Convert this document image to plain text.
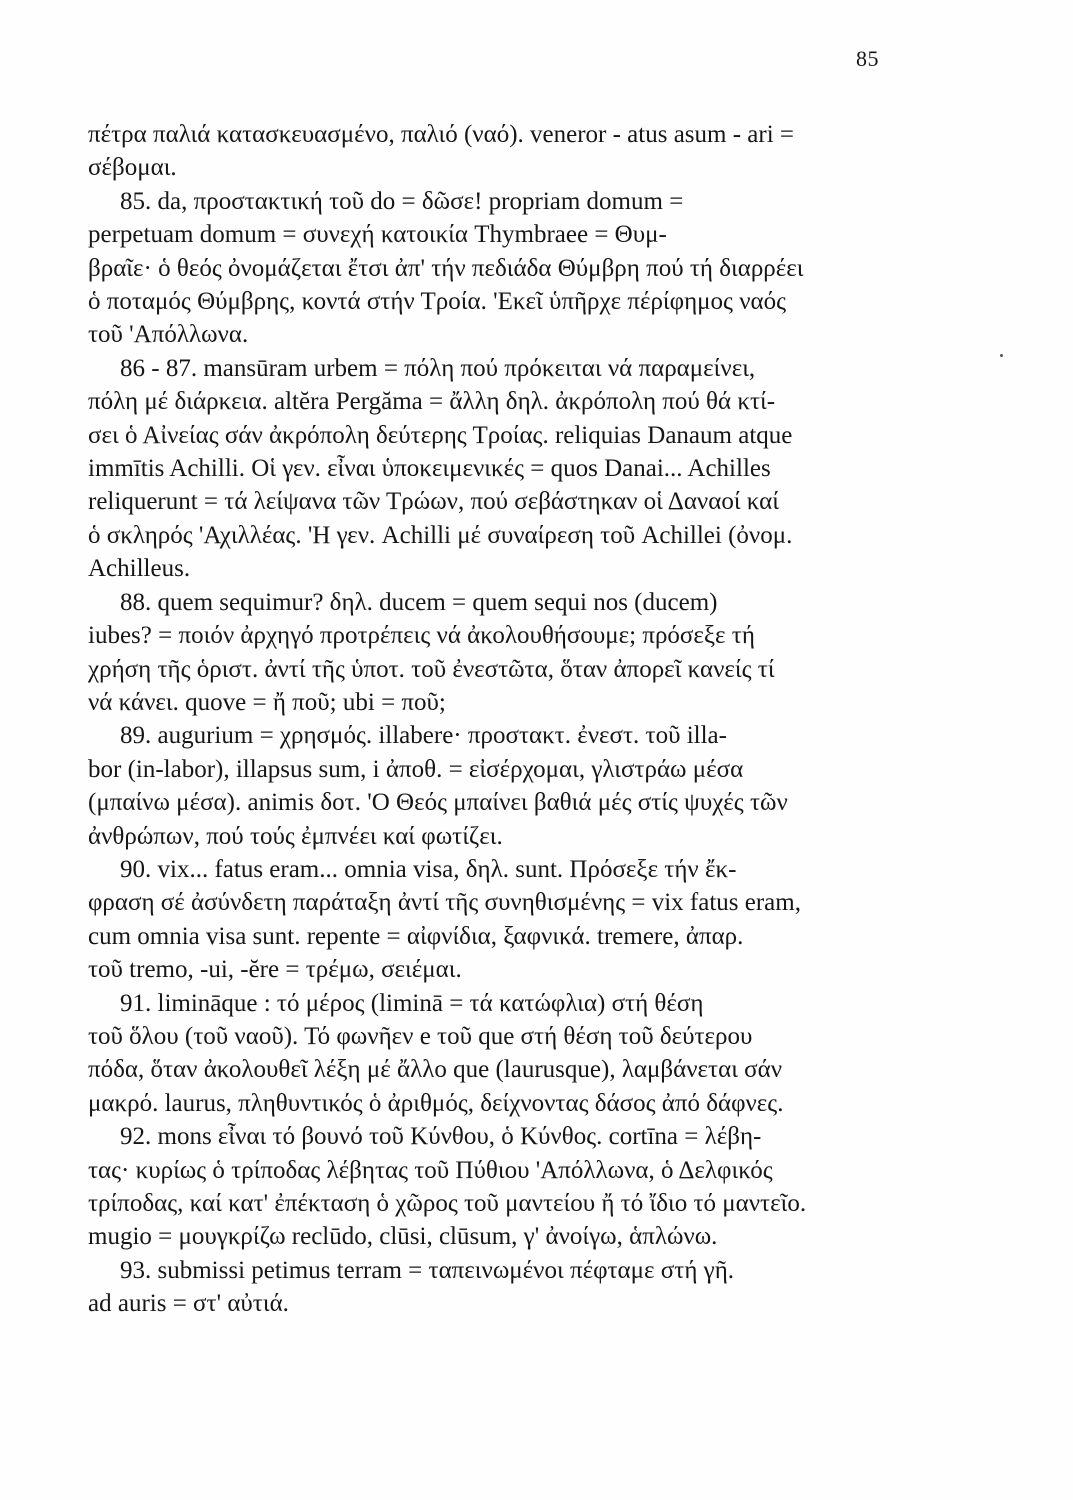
85
πέτρα παλιά κατασκευασμένο, παλιό (ναό). veneror - atus asum - ari =
σέβομαι.
85. da, προστακτική τοῦ do = δῶσε! propriam domum =
perpetuam domum = συνεχή κατοικία Thymbraee = Θυμ-
βραῖε· ὁ θεός ὀνομάζεται ἔτσι ἀπ' τήν πεδιάδα Θύμβρη πού τή διαρρέει
ὁ ποταμός Θύμβρης, κοντά στήν Τροία. 'Εκεῖ ὑπῆρχε πέρίφημος ναός
τοῦ 'Απόλλωνα.
86 - 87. mansūram urbem = πόλη πού πρόκειται νά παραμείνει,
πόλη μέ διάρκεια. altĕra Pergăma = ἄλλη δηλ. ἀκρόπολη πού θά κτί-
σει ὁ Αἰνείας σάν ἀκρόπολη δεύτερης Τροίας. reliquias Danaum atque
immītis Achilli. Οἱ γεν. εἶναι ὑποκειμενικές = quos Danai... Achilles
reliquerunt = τά λείψανα τῶν Τρώων, πού σεβάστηκαν οἱ Δαναοί καί
ὁ σκληρός 'Αχιλλέας. 'Η γεν. Achilli μέ συναίρεση τοῦ Achillei (ὀνομ.
Achilleus.
88. quem sequimur? δηλ. ducem = quem sequi nos (ducem)
iubes? = ποιόν ἀρχηγό προτρέπεις νά ἀκολουθήσουμε; πρόσεξε τή
χρήση τῆς ὁριστ. ἀντί τῆς ὑποτ. τοῦ ἐνεστῶτα, ὅταν ἀπορεῖ κανείς τί
νά κάνει. quove = ἤ ποῦ; ubi = ποῦ;
89. augurium = χρησμός. illabere· προστακτ. ἐνεστ. τοῦ illa-
bor (in-labor), illapsus sum, i ἀποθ. = εἰσέρχομαι, γλιστράω μέσα
(μπαίνω μέσα). animis δοτ. 'Ο Θεός μπαίνει βαθιά μές στίς ψυχές τῶν
ἀνθρώπων, πού τούς ἐμπνέει καί φωτίζει.
90. vix... fatus eram... omnia visa, δηλ. sunt. Πρόσεξε τήν ἔκ-
φραση σέ ἀσύνδετη παράταξη ἀντί τῆς συνηθισμένης = vix fatus eram,
cum omnia visa sunt. repente = αἰφνίδια, ξαφνικά. tremere, ἀπαρ.
τοῦ tremo, -ui, -ĕre = τρέμω, σειέμαι.
91. limināque : τό μέρος (liminā = τά κατώφλια) στή θέση
τοῦ ὅλου (τοῦ ναοῦ). Τό φωνῆεν e τοῦ que στή θέση τοῦ δεύτερου
πόδα, ὅταν ἀκολουθεῖ λέξη μέ ἄλλο que (laurusque), λαμβάνεται σάν
μακρό. laurus, πληθυντικός ὁ ἀριθμός, δείχνοντας δάσος ἀπό δάφνες.
92. mons εἶναι τό βουνό τοῦ Κύνθου, ὁ Κύνθος. cortīna = λέβη-
τας· κυρίως ὁ τρίποδας λέβητας τοῦ Πύθιου 'Απόλλωνα, ὁ Δελφικός
τρίποδας, καί κατ' ἐπέκταση ὁ χῶρος τοῦ μαντείου ἤ τό ἴδιο τό μαντεῖο.
mugio = μουγκρίζω reclūdo, clūsi, clūsum, γ' ἀνοίγω, ἁπλώνω.
93. submissi petimus terram = ταπεινωμένοι πέφταμε στή γῆ.
ad auris = στ' αὐτιά.
